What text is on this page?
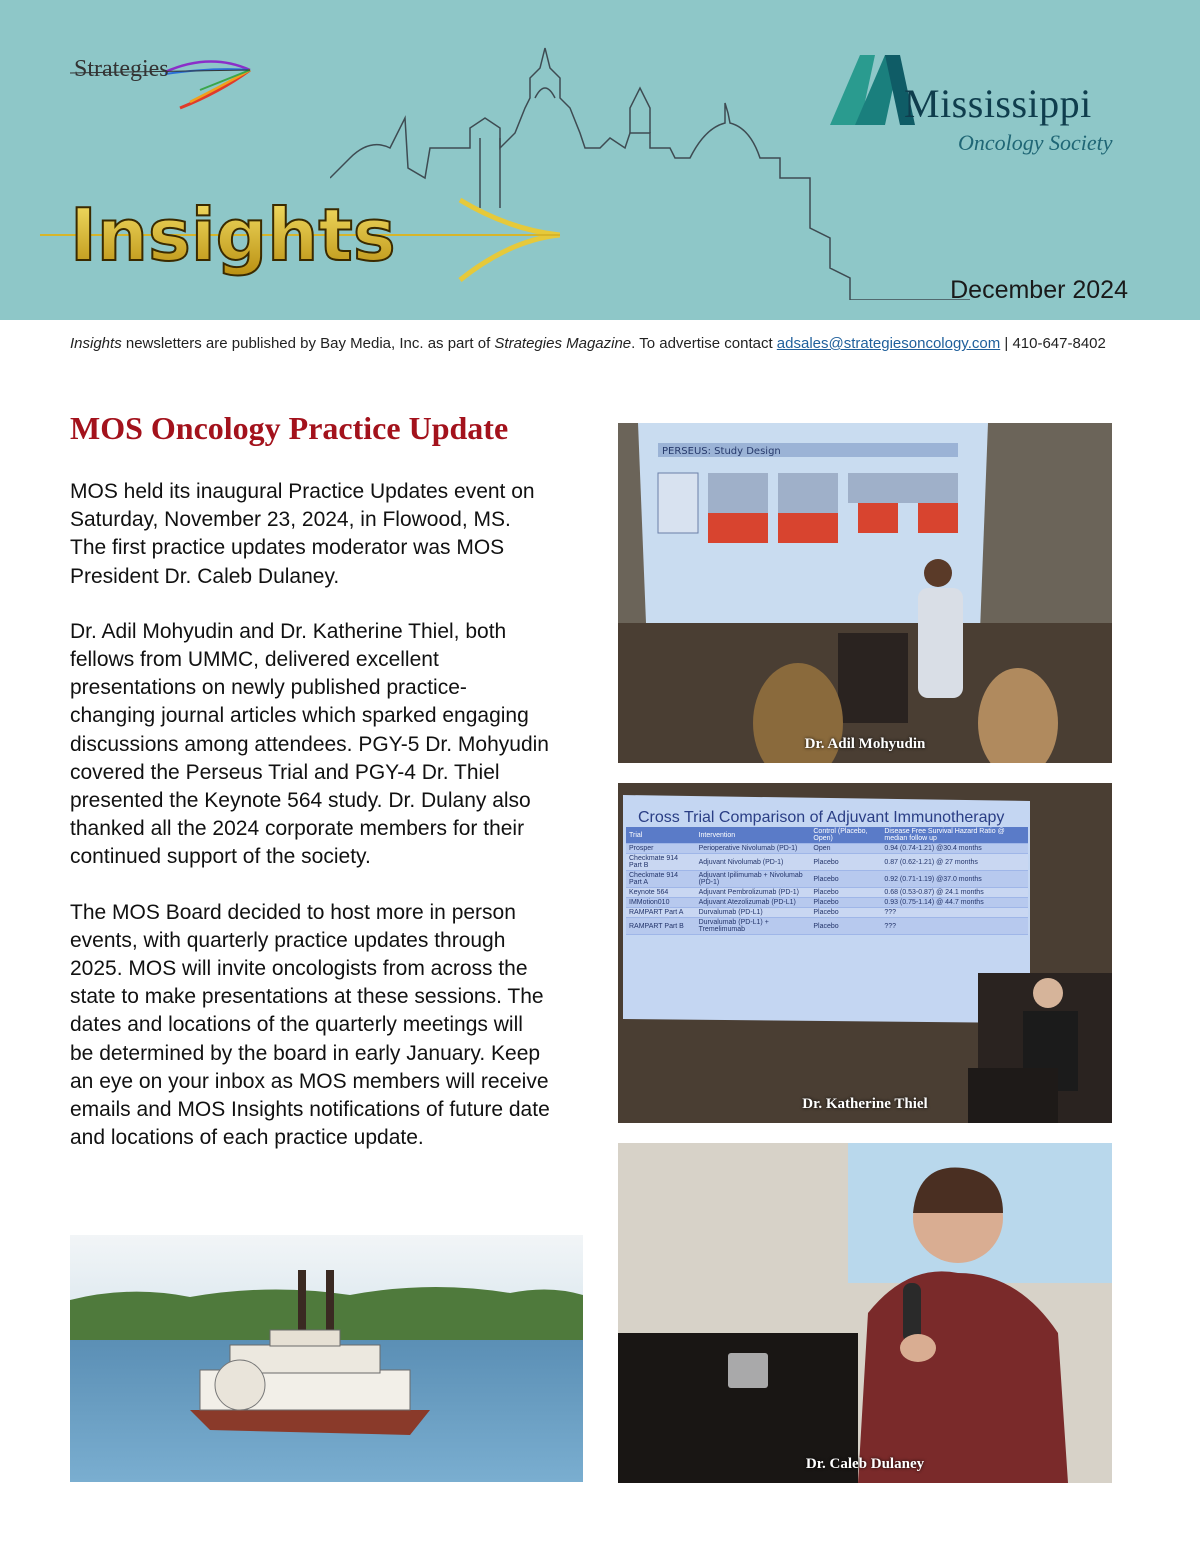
Strategies
Insights
Mississippi
Oncology Society
December 2024
Insights newsletters are published by Bay Media, Inc. as part of Strategies Magazine. To advertise contact adsales@strategiesoncology.com | 410-647-8402
MOS Oncology Practice Update

MOS held its inaugural Practice Updates event on Saturday, November 23, 2024, in Flowood, MS. The first practice updates moderator was MOS President Dr. Caleb Dulaney.

Dr. Adil Mohyudin and Dr. Katherine Thiel, both fellows from UMMC, delivered excellent presentations on newly published practice-changing journal articles which sparked engaging discussions among attendees. PGY-5 Dr. Mohyudin covered the Perseus Trial and PGY-4 Dr. Thiel presented the Keynote 564 study. Dr. Dulany also thanked all the 2024 corporate members for their continued support of the society.

The MOS Board decided to host more in person events, with quarterly practice updates through 2025. MOS will invite oncologists from across the state to make presentations at these sessions. The dates and locations of the quarterly meetings will be determined by the board in early January. Keep an eye on your inbox as MOS members will receive emails and MOS Insights notifications of future date and locations of each practice update.

PERSEUS: Study Design
Dr. Adil Mohyudin
Cross Trial Comparison of Adjuvant Immunotherapy
Trial	Intervention	Control (Placebo, Open)	Disease Free Survival Hazard Ratio @ median follow up
Prosper	Perioperative Nivolumab (PD-1)	Open	0.94 (0.74-1.21) @30.4 months
Checkmate 914 Part B	Adjuvant Nivolumab (PD-1)	Placebo	0.87 (0.62-1.21) @ 27 months
Checkmate 914 Part A	Adjuvant Ipilimumab + Nivolumab (PD-1)	Placebo	0.92 (0.71-1.19) @37.0 months
Keynote 564	Adjuvant Pembrolizumab (PD-1)	Placebo	0.68 (0.53-0.87) @ 24.1 months
IMMotion010	Adjuvant Atezolizumab (PD-L1)	Placebo	0.93 (0.75-1.14) @ 44.7 months
RAMPART Part A	Durvalumab (PD-L1)	Placebo	???
RAMPART Part B	Durvalumab (PD-L1) + Tremelimumab	Placebo	???
Dr. Katherine Thiel
Dr. Caleb Dulaney
